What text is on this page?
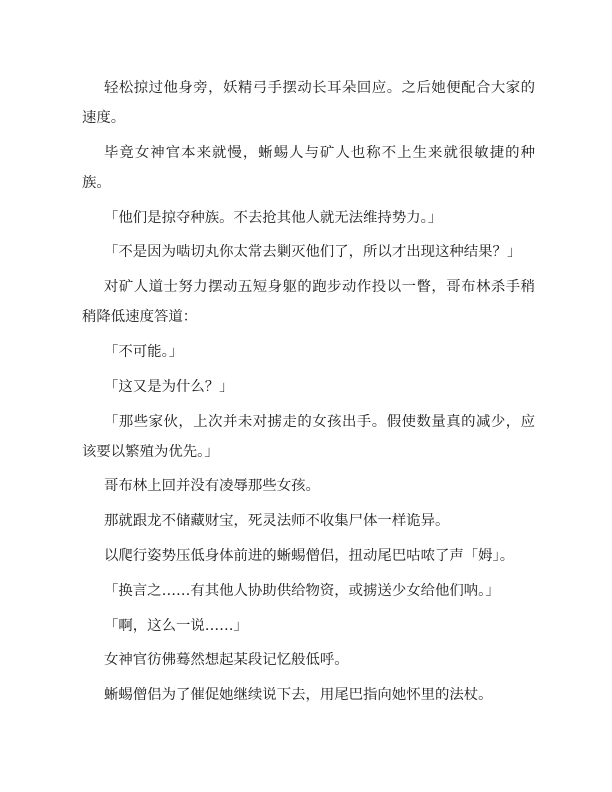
轻松掠过他身旁，妖精弓手摆动长耳朵回应。之后她便配合大家的
速度。

毕竟女神官本来就慢，蜥蜴人与矿人也称不上生来就很敏捷的种
族。

「他们是掠夺种族。不去抢其他人就无法维持势力。」

「不是因为啮切丸你太常去剿灭他们了，所以才出现这种结果？」

对矿人道士努力摆动五短身躯的跑步动作投以一瞥，哥布林杀手稍
稍降低速度答道：

「不可能。」

「这又是为什么？」

「那些家伙，上次并未对掳走的女孩出手。假使数量真的减少，应
该要以繁殖为优先。」

哥布林上回并没有凌辱那些女孩。

那就跟龙不储藏财宝，死灵法师不收集尸体一样诡异。

以爬行姿势压低身体前进的蜥蜴僧侣，扭动尾巴咕哝了声「姆」。

「换言之……有其他人协助供给物资，或掳送少女给他们呐。」

「啊，这么一说……」

女神官彷佛蓦然想起某段记忆般低呼。

蜥蜴僧侣为了催促她继续说下去，用尾巴指向她怀里的法杖。
